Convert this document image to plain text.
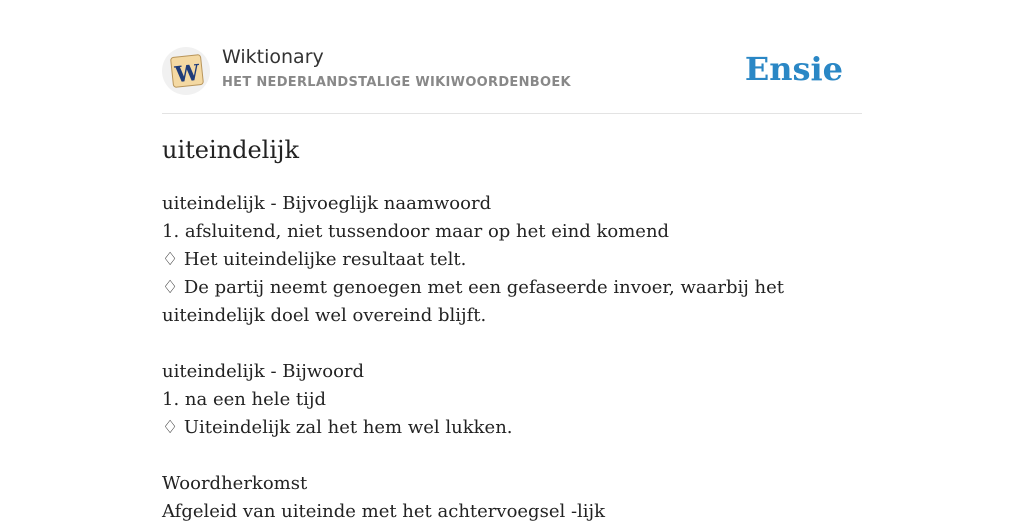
W
Wiktionary
HET NEDERLANDSTALIGE WIKIWOORDENBOEK	Ensie
uiteindelijk

uiteindelijk - Bijvoeglijk naamwoord

1. afsluitend, niet tussendoor maar op het eind komend

♢ Het uiteindelijke resultaat telt.

♢ De partij neemt genoegen met een gefaseerde invoer, waarbij het uiteindelijk doel wel overeind blijft.

uiteindelijk - Bijwoord

1. na een hele tijd

♢ Uiteindelijk zal het hem wel lukken.

Woordherkomst

Afgeleid van uiteinde met het achtervoegsel -lijk
